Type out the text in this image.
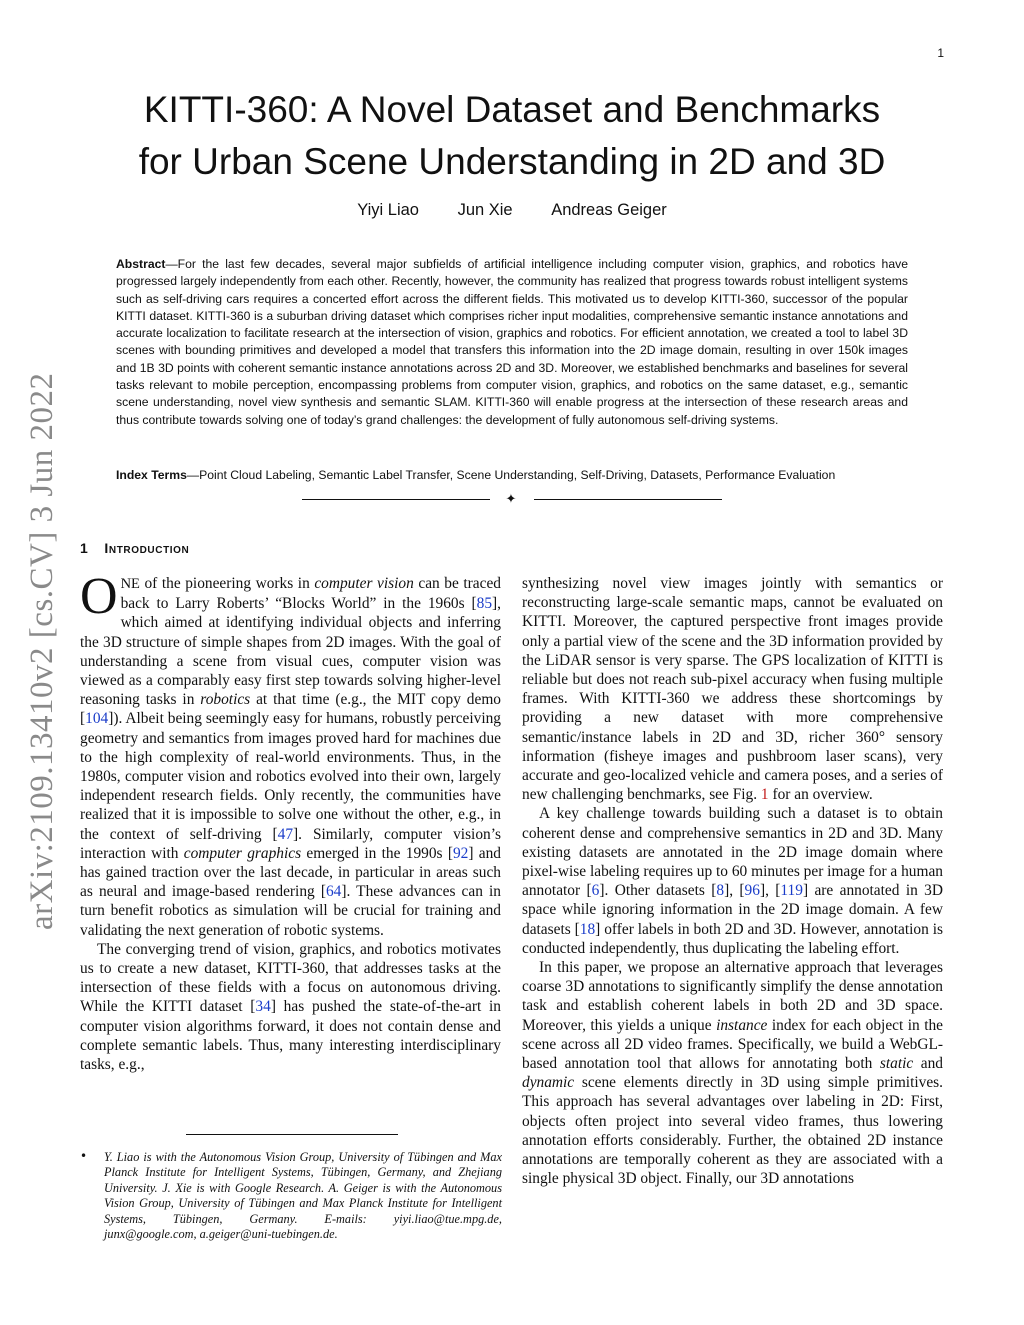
1
arXiv:2109.13410v2 [cs.CV] 3 Jun 2022
KITTI-360: A Novel Dataset and Benchmarks
for Urban Scene Understanding in 2D and 3D
Yiyi Liao Jun Xie Andreas Geiger

Abstract—For the last few decades, several major subfields of artificial intelligence including computer vision, graphics, and robotics have progressed largely independently from each other. Recently, however, the community has realized that progress towards robust intelligent systems such as self-driving cars requires a concerted effort across the different fields. This motivated us to develop KITTI-360, successor of the popular KITTI dataset. KITTI-360 is a suburban driving dataset which comprises richer input modalities, comprehensive semantic instance annotations and accurate localization to facilitate research at the intersection of vision, graphics and robotics. For efficient annotation, we created a tool to label 3D scenes with bounding primitives and developed a model that transfers this information into the 2D image domain, resulting in over 150k images and 1B 3D points with coherent semantic instance annotations across 2D and 3D. Moreover, we established benchmarks and baselines for several tasks relevant to mobile perception, encompassing problems from computer vision, graphics, and robotics on the same dataset, e.g., semantic scene understanding, novel view synthesis and semantic SLAM. KITTI-360 will enable progress at the intersection of these research areas and thus contribute towards solving one of today’s grand challenges: the development of fully autonomous self-driving systems.

Index Terms—Point Cloud Labeling, Semantic Label Transfer, Scene Understanding, Self-Driving, Datasets, Performance Evaluation

✦
1 Introduction

ONE of the pioneering works in computer vision can be traced back to Larry Roberts’ “Blocks World” in the 1960s [85], which aimed at identifying individual objects and inferring the 3D structure of simple shapes from 2D images. With the goal of understanding a scene from visual cues, computer vision was viewed as a comparably easy first step towards solving higher-level reasoning tasks in robotics at that time (e.g., the MIT copy demo [104]). Albeit being seemingly easy for humans, robustly perceiving geometry and semantics from images proved hard for machines due to the high complexity of real-world environments. Thus, in the 1980s, computer vision and robotics evolved into their own, largely independent research fields. Only recently, the communities have realized that it is impossible to solve one without the other, e.g., in the context of self-driving [47]. Similarly, computer vision’s interaction with computer graphics emerged in the 1990s [92] and has gained traction over the last decade, in particular in areas such as neural and image-based rendering [64]. These advances can in turn benefit robotics as simulation will be crucial for training and validating the next generation of robotic systems.

The converging trend of vision, graphics, and robotics motivates us to create a new dataset, KITTI-360, that addresses tasks at the intersection of these fields with a focus on autonomous driving. While the KITTI dataset [34] has pushed the state-of-the-art in computer vision algorithms forward, it does not contain dense and complete semantic labels. Thus, many interesting interdisciplinary tasks, e.g.,

synthesizing novel view images jointly with semantics or reconstructing large-scale semantic maps, cannot be evaluated on KITTI. Moreover, the captured perspective front images provide only a partial view of the scene and the 3D information provided by the LiDAR sensor is very sparse. The GPS localization of KITTI is reliable but does not reach sub-pixel accuracy when fusing multiple frames. With KITTI-360 we address these shortcomings by providing a new dataset with more comprehensive semantic/instance labels in 2D and 3D, richer 360° sensory information (fisheye images and pushbroom laser scans), very accurate and geo-localized vehicle and camera poses, and a series of new challenging benchmarks, see Fig. 1 for an overview.

A key challenge towards building such a dataset is to obtain coherent dense and comprehensive semantics in 2D and 3D. Many existing datasets are annotated in the 2D image domain where pixel-wise labeling requires up to 60 minutes per image for a human annotator [6]. Other datasets [8], [96], [119] are annotated in 3D space while ignoring information in the 2D image domain. A few datasets [18] offer labels in both 2D and 3D. However, annotation is conducted independently, thus duplicating the labeling effort.

In this paper, we propose an alternative approach that leverages coarse 3D annotations to significantly simplify the dense annotation task and establish coherent labels in both 2D and 3D space. Moreover, this yields a unique instance index for each object in the scene across all 2D video frames. Specifically, we build a WebGL-based annotation tool that allows for annotating both static and dynamic scene elements directly in 3D using simple primitives. This approach has several advantages over labeling in 2D: First, objects often project into several video frames, thus lowering annotation efforts considerably. Further, the obtained 2D instance annotations are temporally coherent as they are associated with a single physical 3D object. Finally, our 3D annotations

• Y. Liao is with the Autonomous Vision Group, University of Tübingen and Max Planck Institute for Intelligent Systems, Tübingen, Germany, and Zhejiang University. J. Xie is with Google Research. A. Geiger is with the Autonomous Vision Group, University of Tübingen and Max Planck Institute for Intelligent Systems, Tübingen, Germany. E-mails: yiyi.liao@tue.mpg.de, junx@google.com, a.geiger@uni-tuebingen.de.
